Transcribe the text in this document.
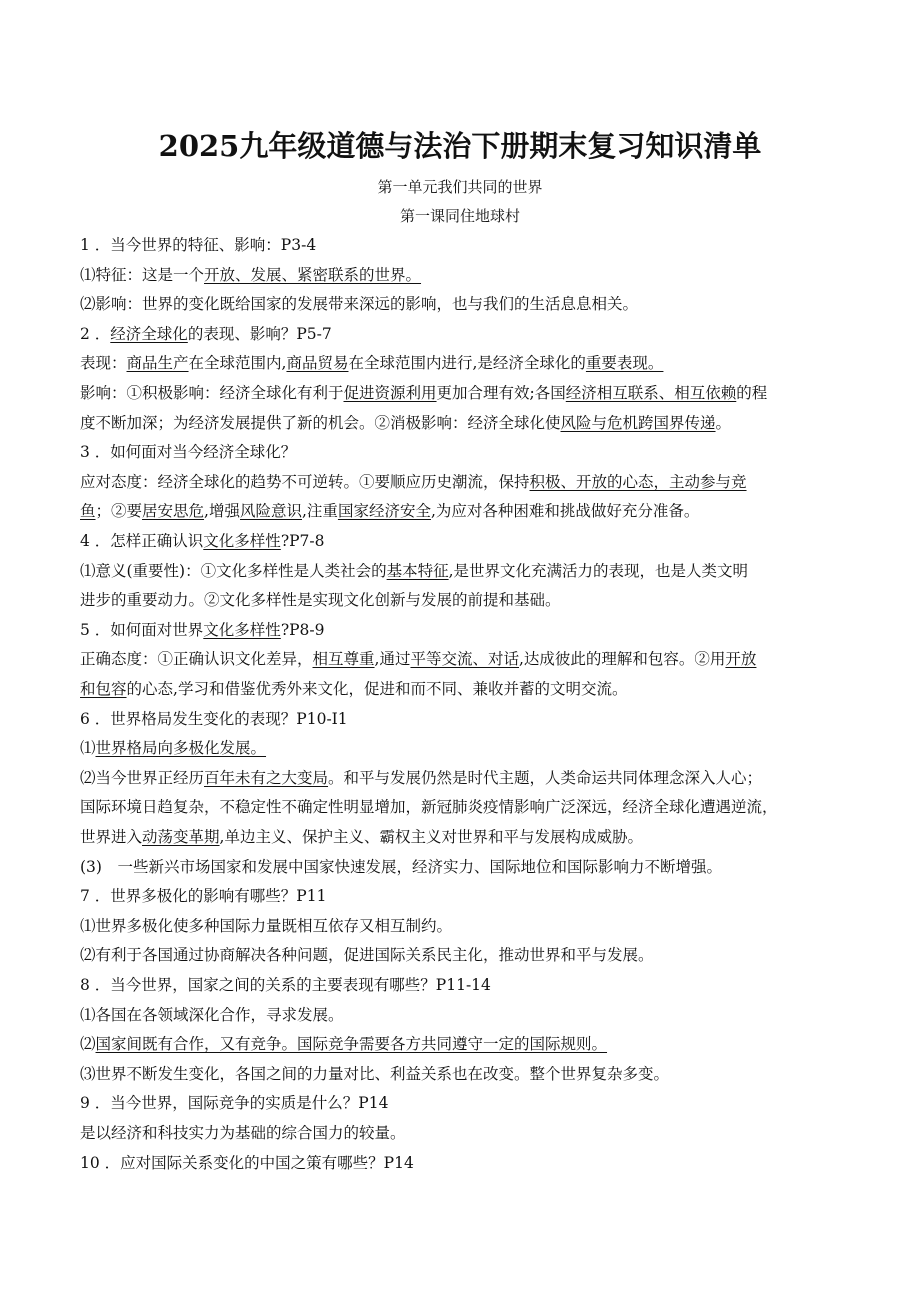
2025九年级道德与法治下册期末复习知识清单
第一单元我们共同的世界
第一课同住地球村
1 ．当今世界的特征、影响：P3-4
⑴特征：这是一个开放、发展、紧密联系的世界。
⑵影响：世界的变化既给国家的发展带来深远的影响，也与我们的生活息息相关。
2 ．经济全球化的表现、影响？P5-7
表现：商品生产在全球范围内,商品贸易在全球范围内进行,是经济全球化的重要表现。
影响：①积极影响：经济全球化有利于促进资源利用更加合理有效;各国经济相互联系、相互依赖的程
度不断加深；为经济发展提供了新的机会。②消极影响：经济全球化使风险与危机跨国界传递。
3 ．如何面对当今经济全球化？
应对态度：经济全球化的趋势不可逆转。①要顺应历史潮流，保持积极、开放的心态，主动参与竞
鱼；②要居安思危,增强风险意识,注重国家经济安全,为应对各种困难和挑战做好充分准备。
4 ．怎样正确认识文化多样性?P7-8
⑴意义(重要性)：①文化多样性是人类社会的基本特征,是世界文化充满活力的表现，也是人类文明
进步的重要动力。②文化多样性是实现文化创新与发展的前提和基础。
5 ．如何面对世界文化多样性?P8-9
正确态度：①正确认识文化差异，相互尊重,通过平等交流、对话,达成彼此的理解和包容。②用开放
和包容的心态,学习和借鉴优秀外来文化，促进和而不同、兼收并蓄的文明交流。
6 ．世界格局发生变化的表现？P10-I1
⑴世界格局向多极化发展。
⑵当今世界正经历百年未有之大变局。和平与发展仍然是时代主题，人类命运共同体理念深入人心；
国际环境日趋复杂，不稳定性不确定性明显增加，新冠肺炎疫情影响广泛深远，经济全球化遭遇逆流，
世界进入动荡变革期,单边主义、保护主义、霸权主义对世界和平与发展构成威胁。
(3)　一些新兴市场国家和发展中国家快速发展，经济实力、国际地位和国际影响力不断增强。
7 ．世界多极化的影响有哪些？P11
⑴世界多极化使多种国际力量既相互依存又相互制约。
⑵有利于各国通过协商解决各种问题，促进国际关系民主化，推动世界和平与发展。
8 ．当今世界，国家之间的关系的主要表现有哪些？P11-14
⑴各国在各领域深化合作，寻求发展。
⑵国家间既有合作，又有竞争。国际竞争需要各方共同遵守一定的国际规则。
⑶世界不断发生变化，各国之间的力量对比、利益关系也在改变。整个世界复杂多变。
9 ．当今世界，国际竞争的实质是什么？P14
是以经济和科技实力为基础的综合国力的较量。
10 ．应对国际关系变化的中国之策有哪些？P14
